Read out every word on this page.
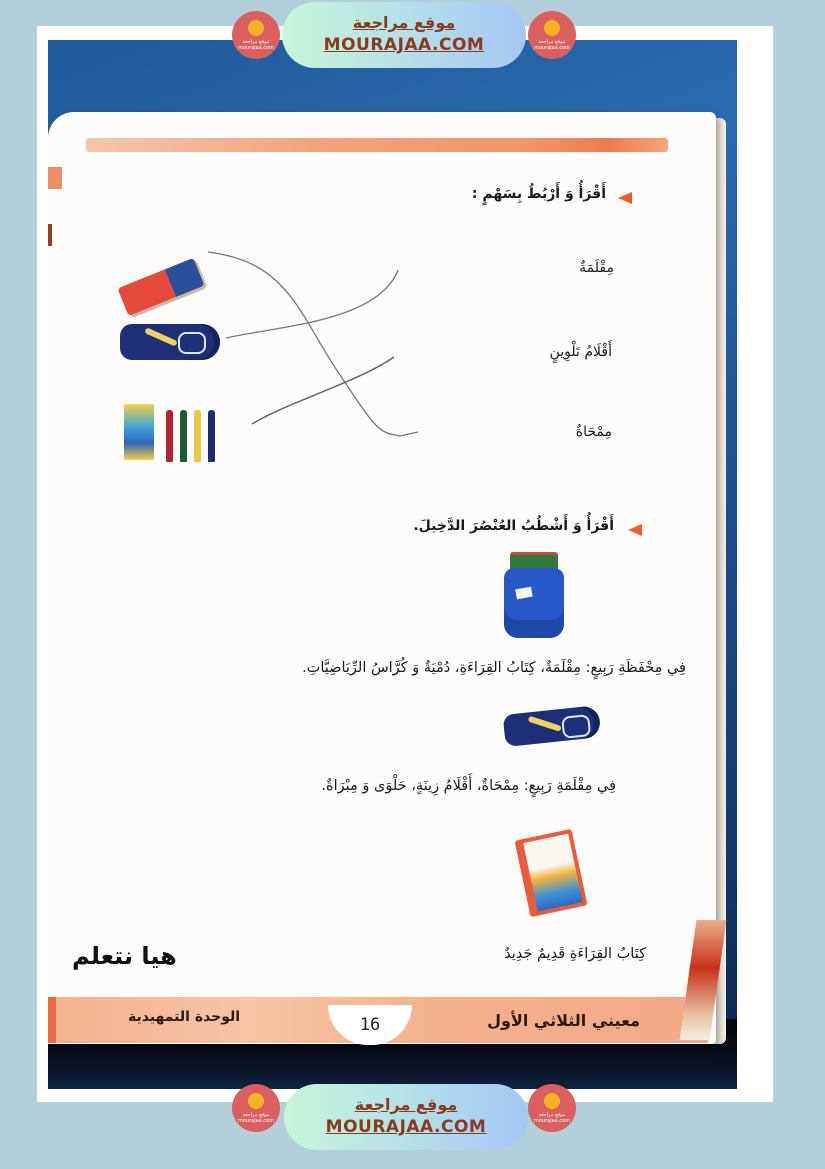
أَقْرَأُ وَ أَرْبُطُ بِسَهْمٍ :
مِقْلَمَةٌ
أَقْلَامُ تَلْوِينٍ
مِمْحَاةٌ
أَقْرَأُ وَ أَشْطُبُ العُنْصُرَ الدَّخِيلَ.
فِي مِحْفَظَةِ رَبِيعٍ: مِقْلَمَةٌ، كِتَابُ القِرَاءَةِ، دُمْيَةٌ وَ كُرَّاسُ الرِّيَاضِيَّاتِ.
فِي مِقْلَمَةِ رَبِيعٍ: مِمْحَاةٌ، أَقْلَامُ زِينَةٍ، حَلْوَى وَ مِبْرَاةٌ.
كِتَابُ القِرَاءَةِ قَدِيمٌ جَدِيدٌ
هيا نتعلم
16	معيني الثلاثي الأول
الوحدة التمهيدية
موقع مراجعة
mourajaa.com
موقع مراجعة
MOURAJAA.COM	موقع مراجعة
mourajaa.com
موقع مراجعة
mourajaa.com
موقع مراجعة
MOURAJAA.COM
موقع مراجعة
mourajaa.com
